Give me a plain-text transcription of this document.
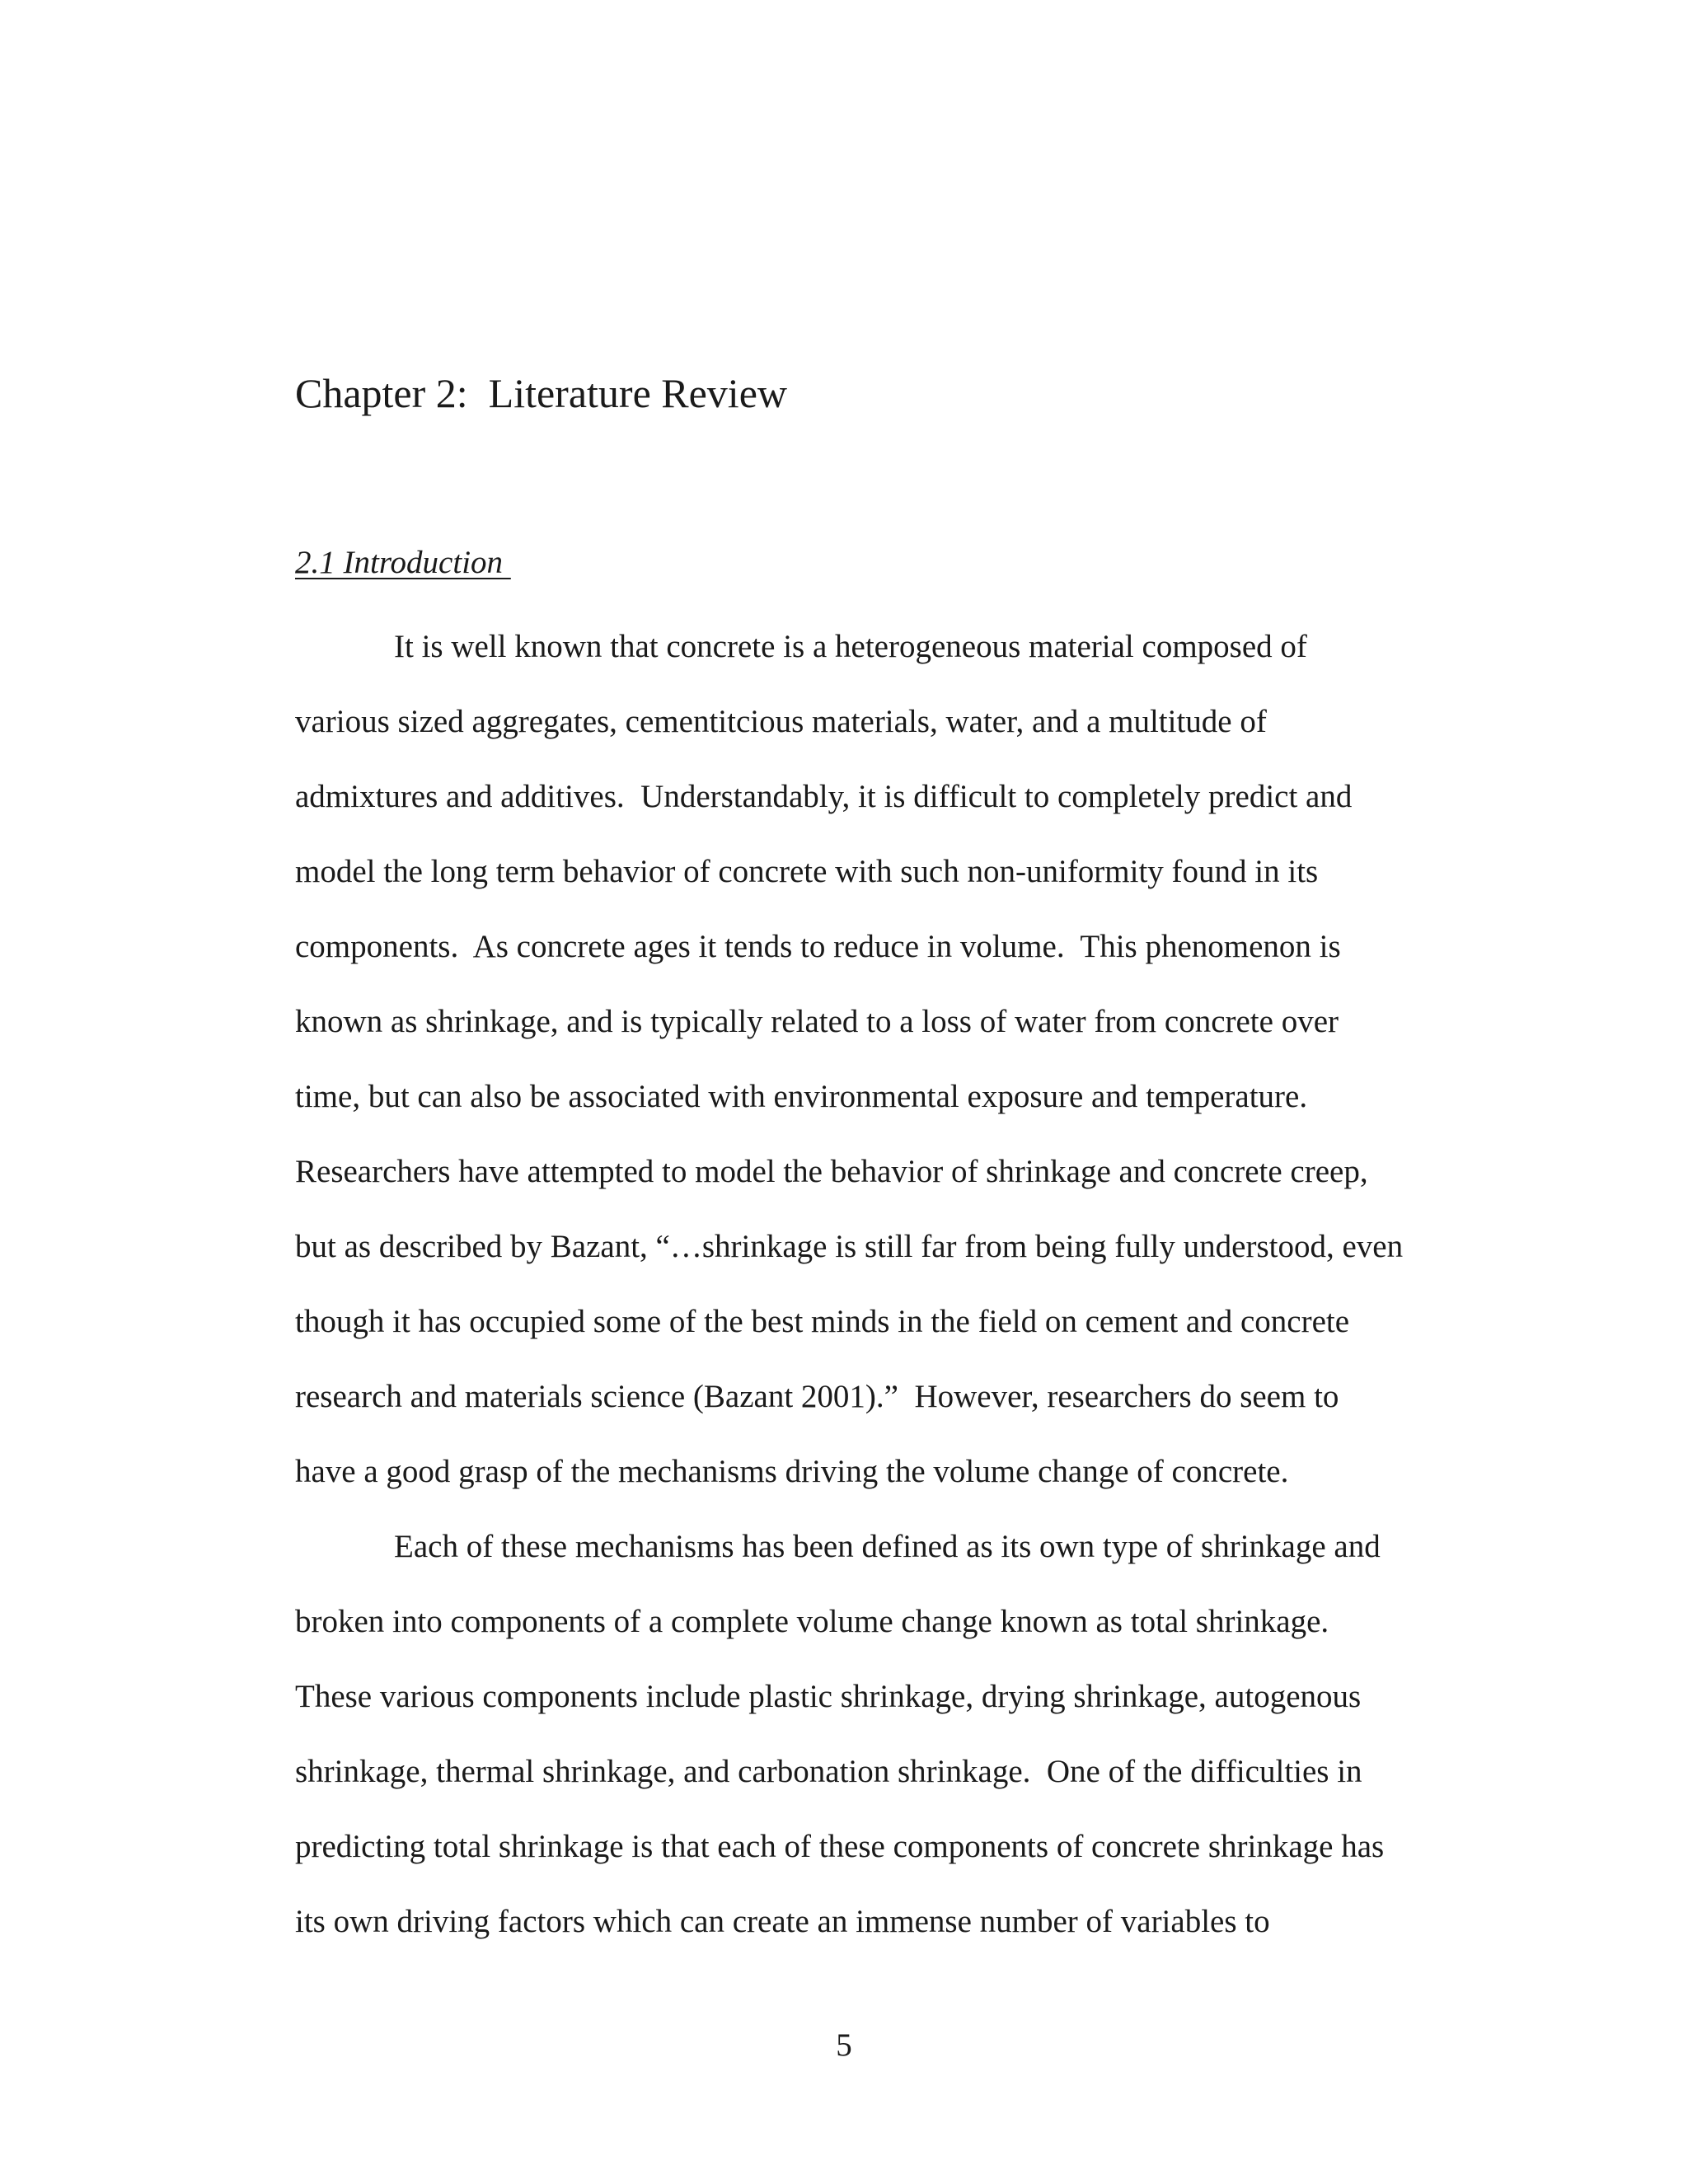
Chapter 2:  Literature Review
2.1 Introduction

It is well known that concrete is a heterogeneous material composed of

various sized aggregates, cementitcious materials, water, and a multitude of

admixtures and additives.  Understandably, it is difficult to completely predict and

model the long term behavior of concrete with such non-uniformity found in its

components.  As concrete ages it tends to reduce in volume.  This phenomenon is

known as shrinkage, and is typically related to a loss of water from concrete over

time, but can also be associated with environmental exposure and temperature.

Researchers have attempted to model the behavior of shrinkage and concrete creep,

but as described by Bazant, “…shrinkage is still far from being fully understood, even

though it has occupied some of the best minds in the field on cement and concrete

research and materials science (Bazant 2001).”  However, researchers do seem to

have a good grasp of the mechanisms driving the volume change of concrete.

Each of these mechanisms has been defined as its own type of shrinkage and

broken into components of a complete volume change known as total shrinkage.

These various components include plastic shrinkage, drying shrinkage, autogenous

shrinkage, thermal shrinkage, and carbonation shrinkage.  One of the difficulties in

predicting total shrinkage is that each of these components of concrete shrinkage has

its own driving factors which can create an immense number of variables to

5
